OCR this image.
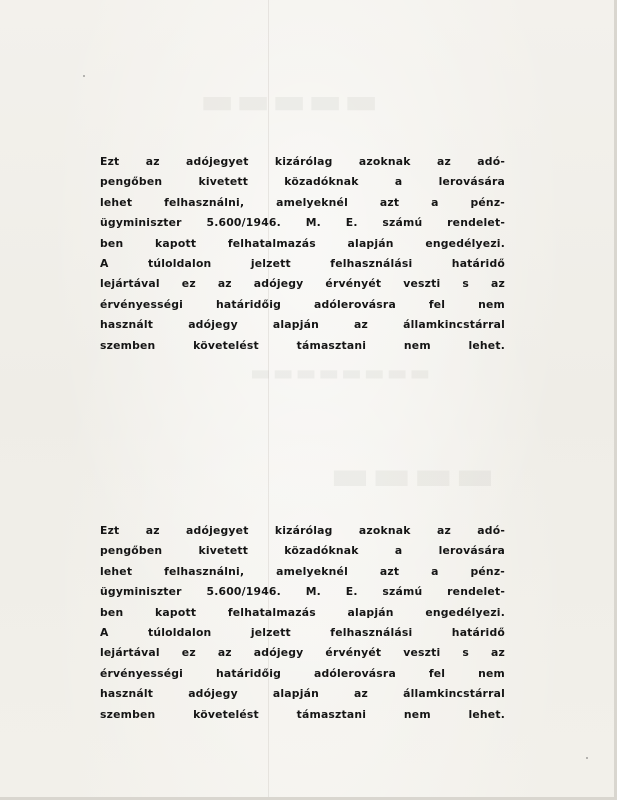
▬▬▬▬▬
▬▬▬▬▬▬▬▬
▬▬▬▬
Ezt az adójegyet kizárólag azoknak az adó-
pengőben kivetett közadóknak a lerovására
lehet felhasználni, amelyeknél azt a pénz-
ügyminiszter 5.600/1946. M. E. számú rendelet-
ben kapott felhatalmazás alapján engedélyezi.
A túloldalon jelzett felhasználási határidő
lejártával ez az adójegy érvényét veszti s az
érvényességi határidőig adólerovásra fel nem
használt adójegy alapján az államkincstárral
szemben követelést támasztani nem lehet.
Ezt az adójegyet kizárólag azoknak az adó-
pengőben kivetett közadóknak a lerovására
lehet felhasználni, amelyeknél azt a pénz-
ügyminiszter 5.600/1946. M. E. számú rendelet-
ben kapott felhatalmazás alapján engedélyezi.
A túloldalon jelzett felhasználási határidő
lejártával ez az adójegy érvényét veszti s az
érvényességi határidőig adólerovásra fel nem
használt adójegy alapján az államkincstárral
szemben követelést támasztani nem lehet.
